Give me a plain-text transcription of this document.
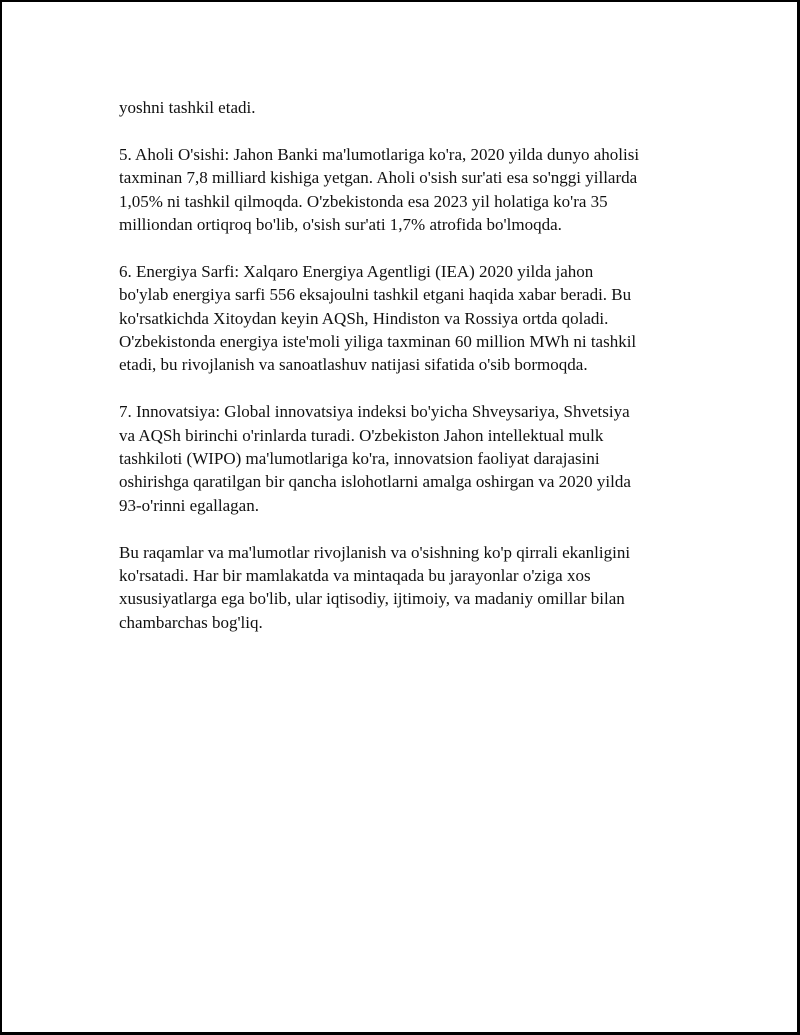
yoshni tashkil etadi.

5. Aholi O'sishi: Jahon Banki ma'lumotlariga ko'ra, 2020 yilda dunyo aholisi
taxminan 7,8 milliard kishiga yetgan. Aholi o'sish sur'ati esa so'nggi yillarda
1,05% ni tashkil qilmoqda. O'zbekistonda esa 2023 yil holatiga ko'ra 35
milliondan ortiqroq bo'lib, o'sish sur'ati 1,7% atrofida bo'lmoqda.

6. Energiya Sarfi: Xalqaro Energiya Agentligi (IEA) 2020 yilda jahon
bo'ylab energiya sarfi 556 eksajoulni tashkil etgani haqida xabar beradi. Bu
ko'rsatkichda Xitoydan keyin AQSh, Hindiston va Rossiya ortda qoladi.
O'zbekistonda energiya iste'moli yiliga taxminan 60 million MWh ni tashkil
etadi, bu rivojlanish va sanoatlashuv natijasi sifatida o'sib bormoqda.

7. Innovatsiya: Global innovatsiya indeksi bo'yicha Shveysariya, Shvetsiya
va AQSh birinchi o'rinlarda turadi. O'zbekiston Jahon intellektual mulk
tashkiloti (WIPO) ma'lumotlariga ko'ra, innovatsion faoliyat darajasini
oshirishga qaratilgan bir qancha islohotlarni amalga oshirgan va 2020 yilda
93-o'rinni egallagan.

Bu raqamlar va ma'lumotlar rivojlanish va o'sishning ko'p qirrali ekanligini
ko'rsatadi. Har bir mamlakatda va mintaqada bu jarayonlar o'ziga xos
xususiyatlarga ega bo'lib, ular iqtisodiy, ijtimoiy, va madaniy omillar bilan
chambarchas bog'liq.
